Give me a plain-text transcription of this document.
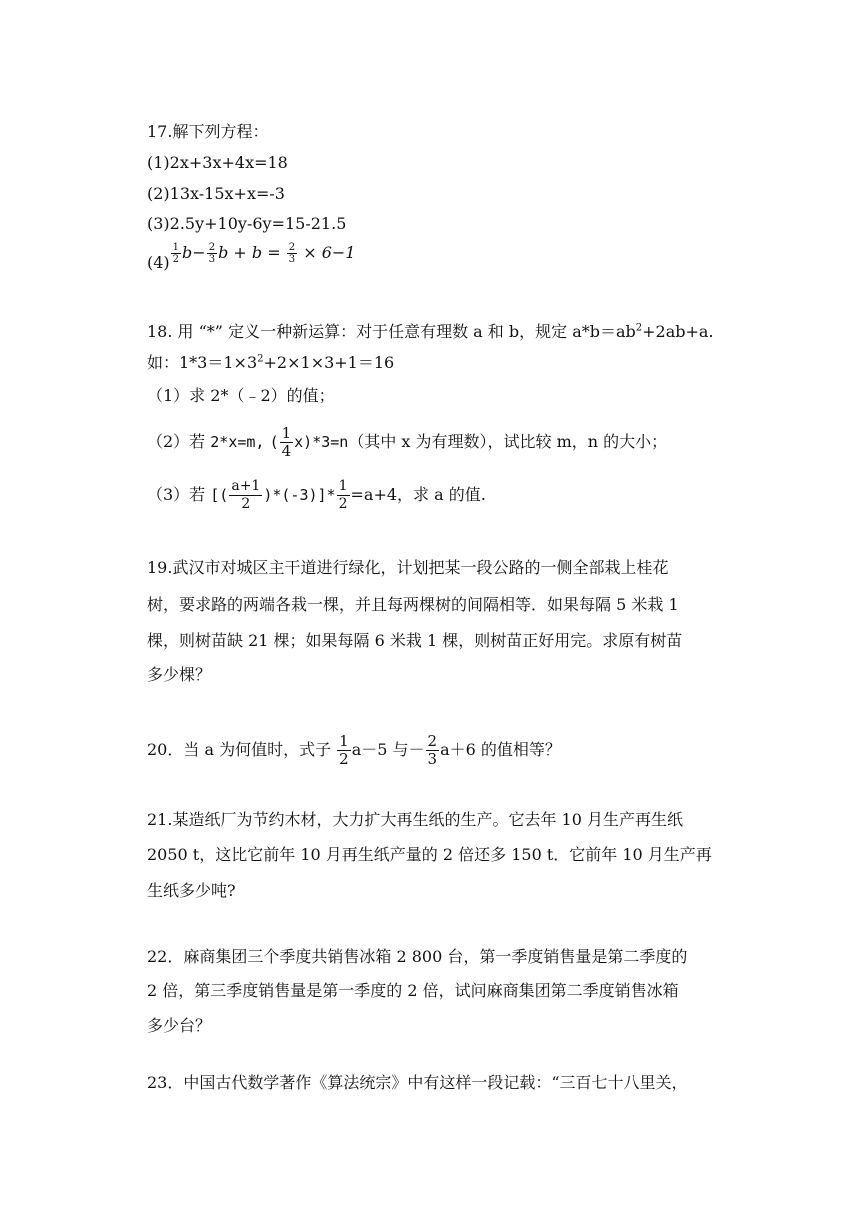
17.解下列方程：
(1)2x+3x+4x=18
(2)13x-15x+x=-3
(3)2.5y+10y-6y=15-21.5
$(4) \frac{1}{2} b- \frac{2}{3}$ $b + b = \frac{2}{3} \times 6-1$
18. 用 “*” 定义一种新运算：对于任意有理数 a 和 b，规定 $a*b=ab^2+2ab+a$.
如：$1*3=1\times 3^2+2\times 1\times 3+1=16$
（1）求 2*（﹣2）的值；
（2）若 2*x=m, ( $\frac{1}{4} x)*3=n$（其中 x 为有理数），试比较 m，n 的大小；
（3）若 [( $\frac{a+1}{2} )*(-3)]* \frac{1}{2} =a+4$，求 a 的值.
19.武汉市对城区主干道进行绿化，计划把某一段公路的一侧全部栽上桂花
树，要求路的两端各栽一棵，并且每两棵树的间隔相等．如果每隔 5 米栽 1
棵，则树苗缺 21 棵；如果每隔 6 米栽 1 棵，则树苗正好用完。求原有树苗
多少棵？
20．当 a 为何值时，式子 $\frac{1}{2} a-5$ 与－ $\frac{2}{3} a+6$ 的值相等？
21.某造纸厂为节约木材，大力扩大再生纸的生产。它去年 10 月生产再生纸
2050 t，这比它前年 10 月再生纸产量的 2 倍还多 150 t．它前年 10 月生产再
生纸多少吨?
22．麻商集团三个季度共销售冰箱 2 800 台，第一季度销售量是第二季度的
2 倍，第三季度销售量是第一季度的 2 倍，试问麻商集团第二季度销售冰箱
多少台？
23．中国古代数学著作《算法统宗》中有这样一段记载：“三百七十八里关，
